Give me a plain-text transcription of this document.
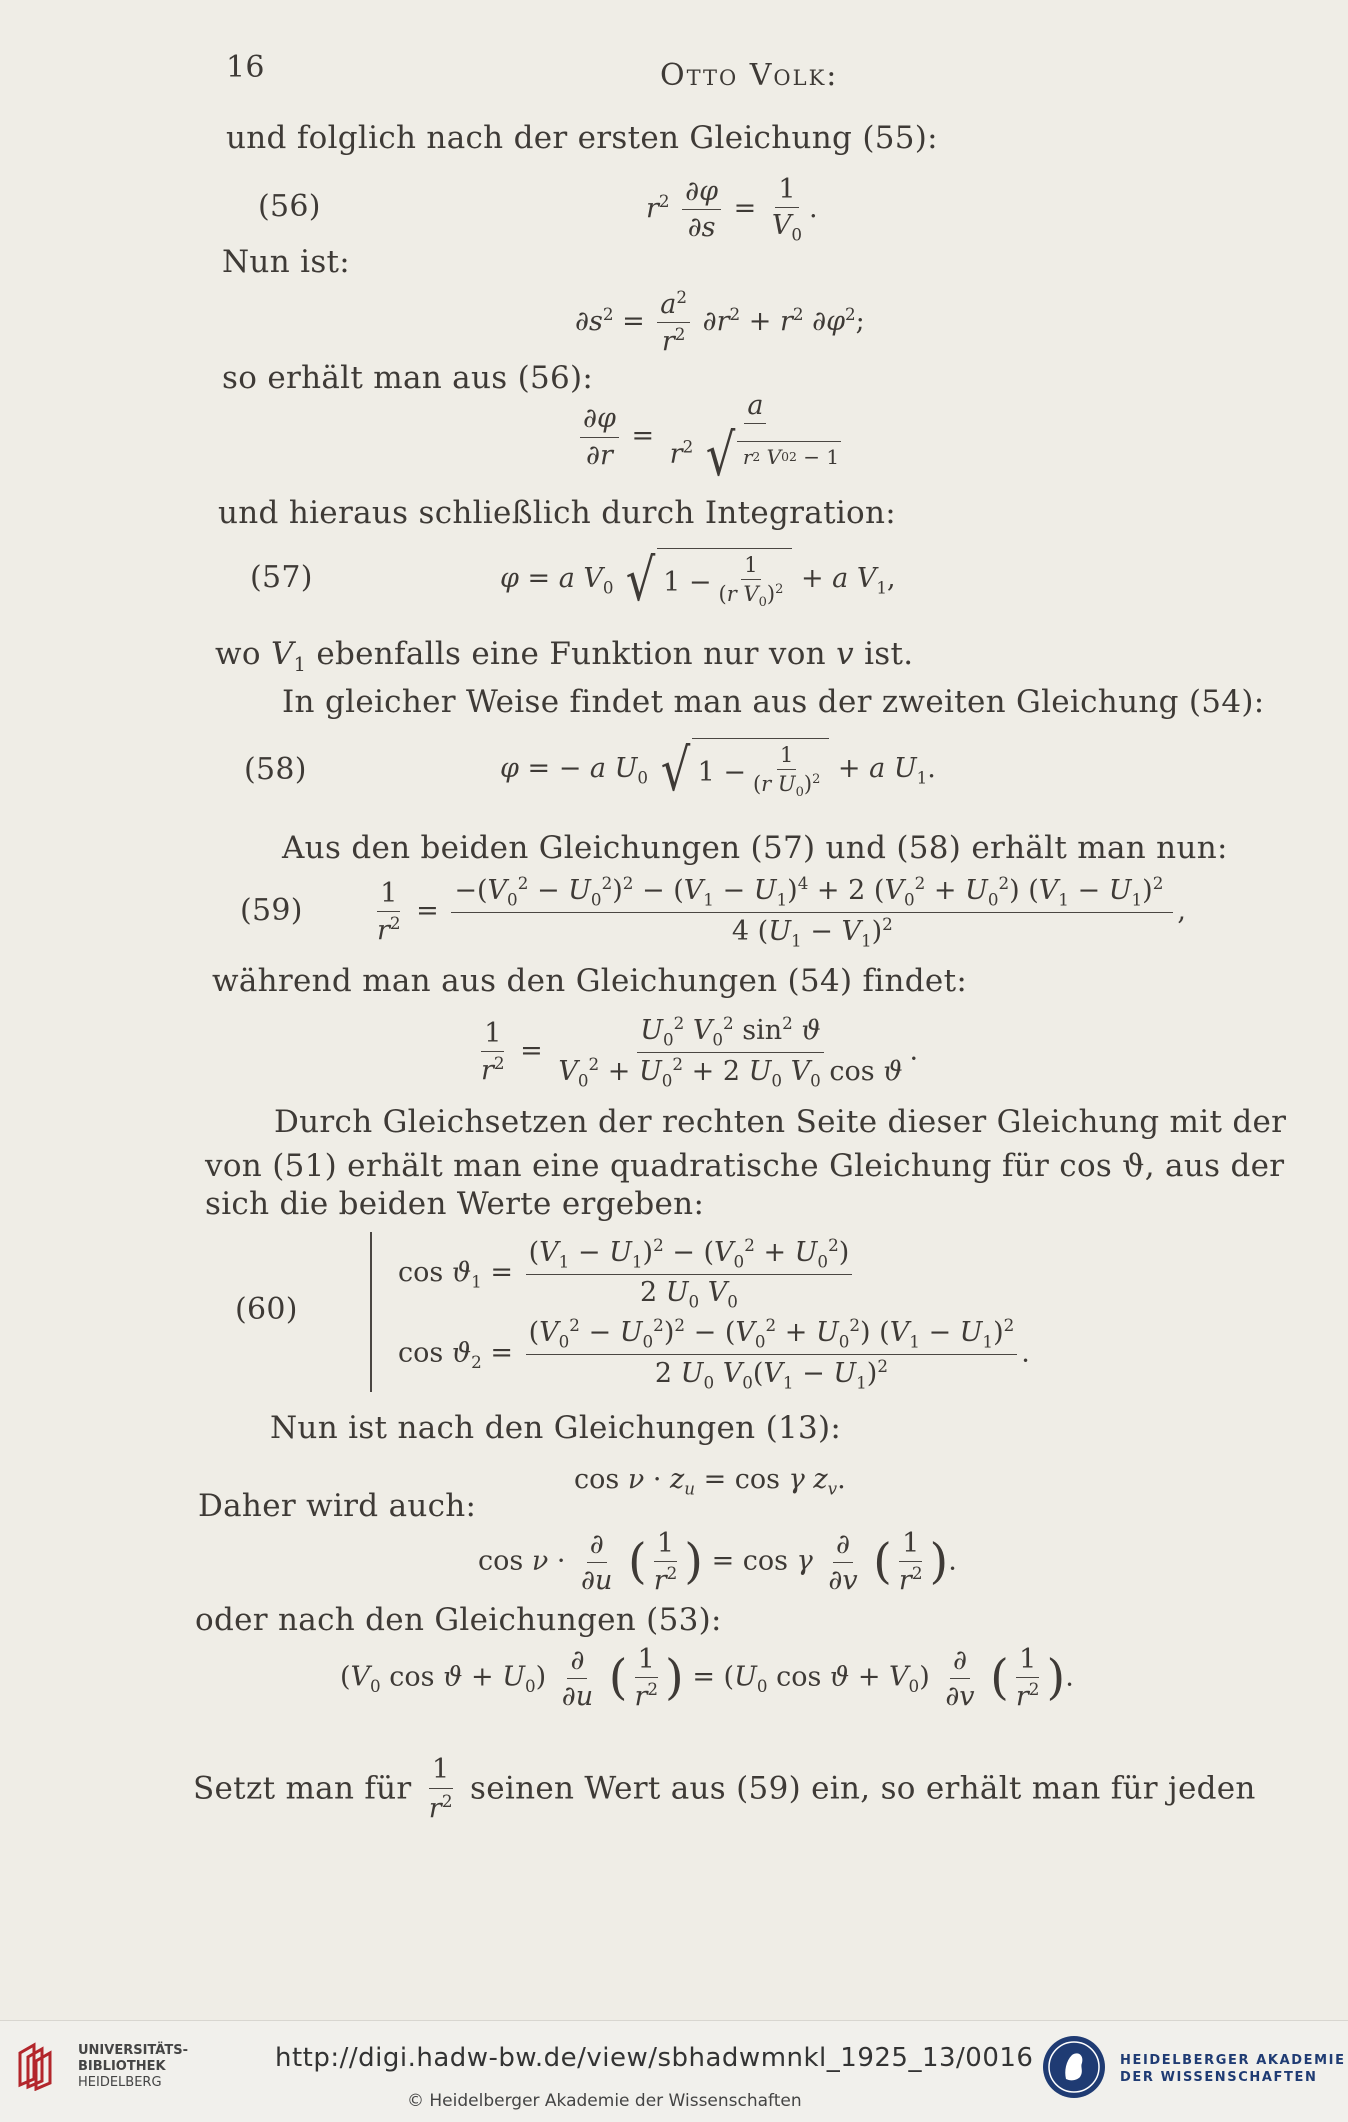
16	Otto Volk:
und folglich nach der ersten Gleichung (55):
(56)	$r^2 \frac{\partial\varphi}{\partial s} = \frac{1}{V_0}$ .
Nun ist:
$\partial s^2 = \frac{a^2}{r^2} \partial r^2 + r^2$ $\partial\varphi^2$;
so erhält man aus (56):
$\frac{\partial\varphi}{\partial r} = a$
$r^2$ √ r 2
V 0 2 − 1
und hieraus schließlich durch Integration:
(57)	φ = a $V_0$ √ $1 - \frac{1}{(r V_0)^2} + a$ $V_1$,
wo $V_1$ ebenfalls eine Funktion nur von v ist.
In gleicher Weise findet man aus der zweiten Gleichung (54):
(58)	φ = − a $U_0$ √ $1 - \frac{1}{(r U_0)^2} + a$ $U_1$.
Aus den beiden Gleichungen (57) und (58) erhält man nun:
(59)	$\frac{1}{r^2} = \frac{-(V_0^2 - U_0^2)^2 - (V_1 - U_1)^4 + 2 (V_0^2 + U_0^2) (V_1 - U_1)^2}{4 (U_1 - V_1)^2}$ ,
während man aus den Gleichungen (54) findet:
$\frac{1}{r^2} = \frac{U_0^2 V_0^2 \sin^2 ϑ}{V_0^2 + U_0^2 + 2 U_0 V_0 \cos ϑ}$ .
Durch Gleichsetzen der rechten Seite dieser Gleichung mit der
von (51) erhält man eine quadratische Gleichung für cos ϑ, aus der
sich die beiden Werte ergeben:
(60)
$\cos ϑ_1 = \frac{(V_1 - U_1)^2 - (V_0^2 + U_0^2)}{2 U_0 V_0}$
$\cos ϑ_2 = \frac{(V_0^2 - U_0^2)^2 - (V_0^2 + U_0^2) (V_1 - U_1)^2}{2 U_0 V_0(V_1 - U_1)^2}$ .
Nun ist nach den Gleichungen (13):
$\cos \nu \cdot z_u = \cos \gamma$ $z_v$.
Daher wird auch:
$\cos \nu \cdot \frac{\partial}{\partial u}$ ( $\frac{1}{r^2}$ ) = cos γ $\frac{\partial}{\partial v}$ ( $\frac{1}{r^2}$ ).
oder nach den Gleichungen (53):
($V_0$ $\cos ϑ + U_0) \frac{\partial}{\partial u}$ ( $\frac{1}{r^2}$ ) = ($U_0$ $\cos ϑ + V_0) \frac{\partial}{\partial v}$ ( $\frac{1}{r^2}$ ).
Setzt man für $\frac{1}{r^2}$ seinen Wert aus (59) ein, so erhält man für jeden
UNIVERSITÄTS-
BIBLIOTHEK
HEIDELBERG
http://digi.hadw-bw.de/view/sbhadwmnkl_1925_13/0016
© Heidelberger Akademie der Wissenschaften
HEIDELBERGER AKADEMIE
DER WISSENSCHAFTEN
